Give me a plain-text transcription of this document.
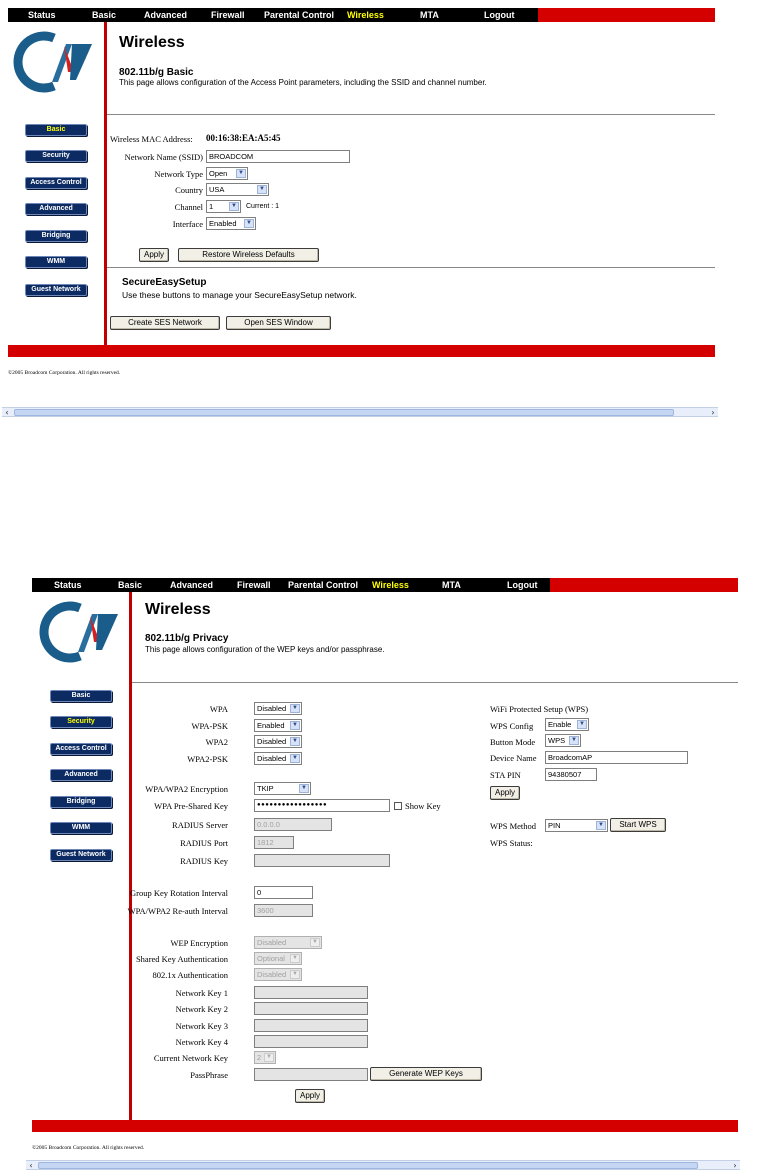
Status	Basic	Advanced	Firewall Parental Control Wireless	MTA	Logout
Basic
Security
Access Control
Advanced
Bridging
WMM
Guest Network
Wireless
802.11b/g Basic
This page allows configuration of the Access Point parameters, including the SSID and channel number.
Wireless MAC Address: 00:16:38:EA:A5:45
Network Name (SSID) BROADCOM
Network Type Open	▼
Country USA	▼
Channel 1	▼ Current : 1
Interface Enabled	▼
Apply	Restore Wireless Defaults
SecureEasySetup
Use these buttons to manage your SecureEasySetup network.
Create SES Network	Open SES Window
©2005 Broadcom Corporation. All rights reserved.
‹	›
Status	Basic	Advanced	Firewall Parental Control Wireless	MTA	Logout
Basic
Security
Access Control
Advanced
Bridging
WMM
Guest Network
Wireless
802.11b/g Privacy
This page allows configuration of the WEP keys and/or passphrase.
WPA	Disabled ▼
WPA-PSK	Enabled	▼
WPA2	Disabled ▼
WPA2-PSK	Disabled ▼
WPA/WPA2 Encryption	TKIP	▼
WPA Pre-Shared Key	●●●●●●●●●●●●●●●●●	Show Key
RADIUS Server	0.0.0.0
RADIUS Port	1812
RADIUS Key
Group Key Rotation Interval	0
WPA/WPA2 Re-auth Interval	3600
WEP Encryption	Disabled	▼
Shared Key Authentication	Optional	▼
802.1x Authentication	Disabled ▼
Network Key 1
Network Key 2
Network Key 3
Network Key 4
Current Network Key	2 ▼
PassPhrase	Generate WEP Keys
Apply
WiFi Protected Setup (WPS)
WPS Config	Enable	▼
Button Mode	WPS ▼
Device Name	BroadcomAP
STA PIN	94380507
Apply
WPS Method	PIN	▼	Start WPS
WPS Status:
©2005 Broadcom Corporation. All rights reserved.
‹	›
